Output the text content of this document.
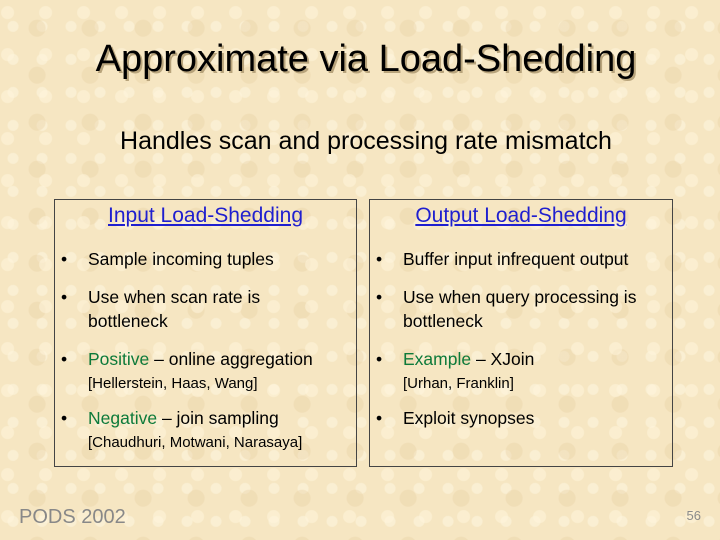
Approximate via Load-Shedding
Handles scan and processing rate mismatch
Input Load-Shedding
• Sample incoming tuples
• Use when scan rate is bottleneck
• Positive – online aggregation
[Hellerstein, Haas, Wang]
• Negative – join sampling
[Chaudhuri, Motwani, Narasaya]
Output Load-Shedding
• Buffer input infrequent output
• Use when query processing is bottleneck
• Example – XJoin
[Urhan, Franklin]
• Exploit synopses
PODS 2002	56
